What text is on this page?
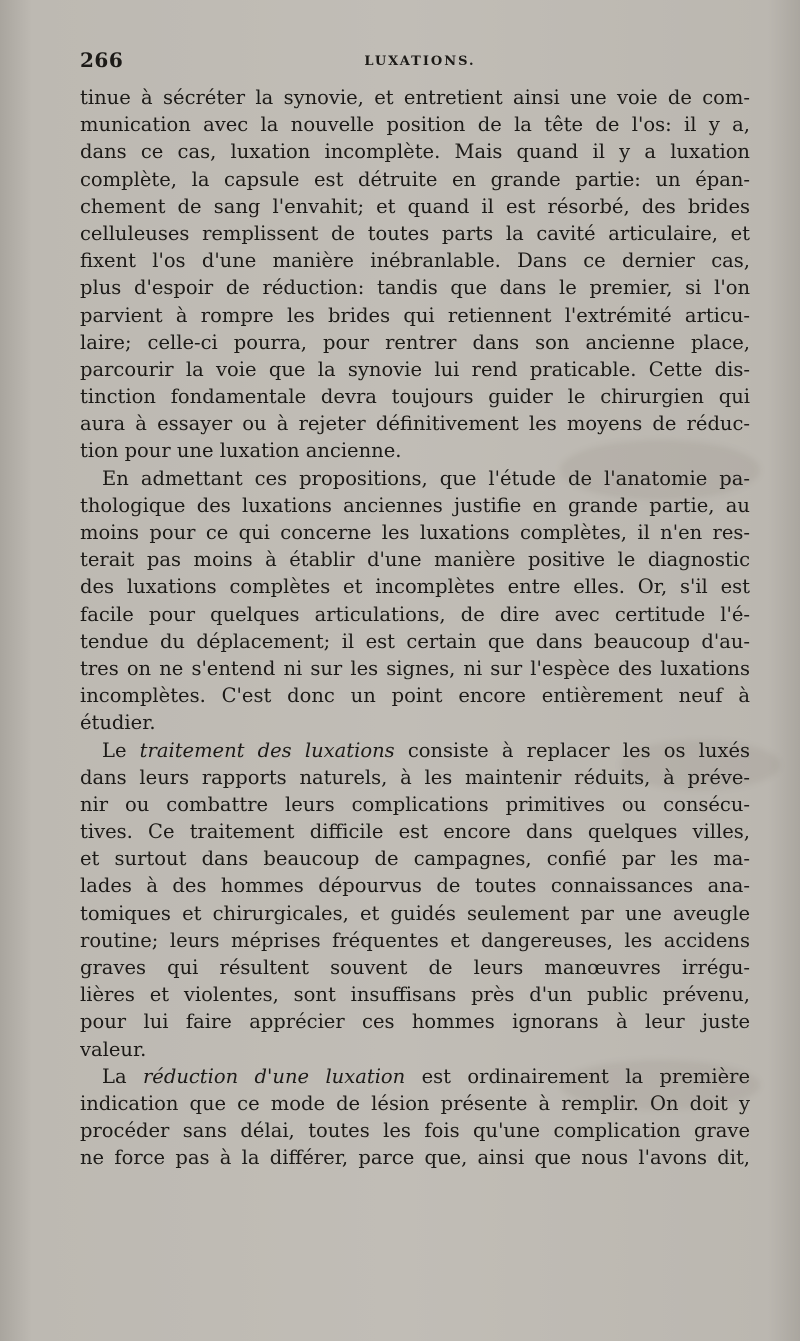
266	LUXATIONS.
tinue à sécréter la synovie, et entretient ainsi une voie de com-
munication avec la nouvelle position de la tête de l'os: il y a,
dans ce cas, luxation incomplète. Mais quand il y a luxation
complète, la capsule est détruite en grande partie: un épan-
chement de sang l'envahit; et quand il est résorbé, des brides
celluleuses remplissent de toutes parts la cavité articulaire, et
fixent l'os d'une manière inébranlable. Dans ce dernier cas,
plus d'espoir de réduction: tandis que dans le premier, si l'on
parvient à rompre les brides qui retiennent l'extrémité articu-
laire; celle-ci pourra, pour rentrer dans son ancienne place,
parcourir la voie que la synovie lui rend praticable. Cette dis-
tinction fondamentale devra toujours guider le chirurgien qui
aura à essayer ou à rejeter définitivement les moyens de réduc-
tion pour une luxation ancienne.
En admettant ces propositions, que l'étude de l'anatomie pa-
thologique des luxations anciennes justifie en grande partie, au
moins pour ce qui concerne les luxations complètes, il n'en res-
terait pas moins à établir d'une manière positive le diagnostic
des luxations complètes et incomplètes entre elles. Or, s'il est
facile pour quelques articulations, de dire avec certitude l'é-
tendue du déplacement; il est certain que dans beaucoup d'au-
tres on ne s'entend ni sur les signes, ni sur l'espèce des luxations
incomplètes. C'est donc un point encore entièrement neuf à
étudier.
Le traitement des luxations consiste à replacer les os luxés
dans leurs rapports naturels, à les maintenir réduits, à préve-
nir ou combattre leurs complications primitives ou consécu-
tives. Ce traitement difficile est encore dans quelques villes,
et surtout dans beaucoup de campagnes, confié par les ma-
lades à des hommes dépourvus de toutes connaissances ana-
tomiques et chirurgicales, et guidés seulement par une aveugle
routine; leurs méprises fréquentes et dangereuses, les accidens
graves qui résultent souvent de leurs manœuvres irrégu-
lières et violentes, sont insuffisans près d'un public prévenu,
pour lui faire apprécier ces hommes ignorans à leur juste
valeur.
La réduction d'une luxation est ordinairement la première
indication que ce mode de lésion présente à remplir. On doit y
procéder sans délai, toutes les fois qu'une complication grave
ne force pas à la différer, parce que, ainsi que nous l'avons dit,
